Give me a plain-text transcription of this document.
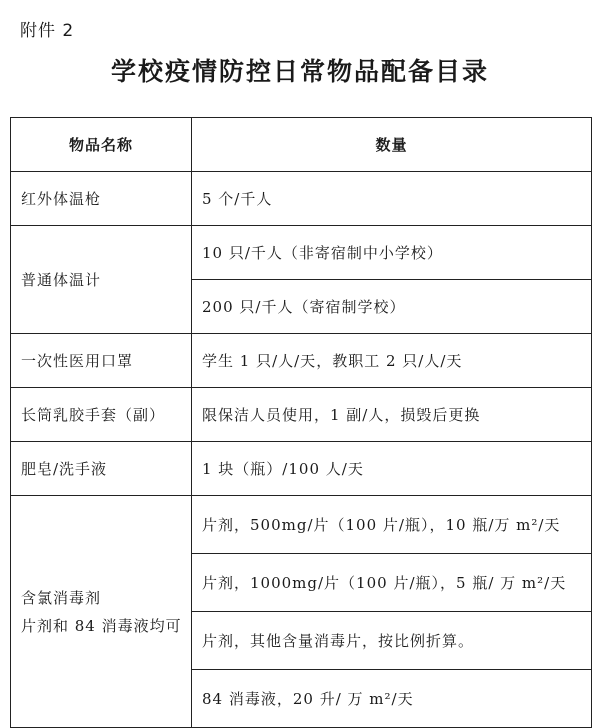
附件 2
学校疫情防控日常物品配备目录
物品名称	数量
红外体温枪	5 个/千人
普通体温计	10 只/千人（非寄宿制中小学校）
	200 只/千人（寄宿制学校）
一次性医用口罩	学生 1 只/人/天，教职工 2 只/人/天
长筒乳胶手套（副）	限保洁人员使用，1 副/人，损毁后更换
肥皂/洗手液	1 块（瓶）/100 人/天

含氯消毒剂
片剂和 84 消毒液均可	片剂，500mg/片（100 片/瓶），10 瓶/万 m²/天
	片剂，1000mg/片（100 片/瓶），5 瓶/ 万 m²/天
	片剂，其他含量消毒片，按比例折算。
	84 消毒液，20 升/ 万 m²/天
